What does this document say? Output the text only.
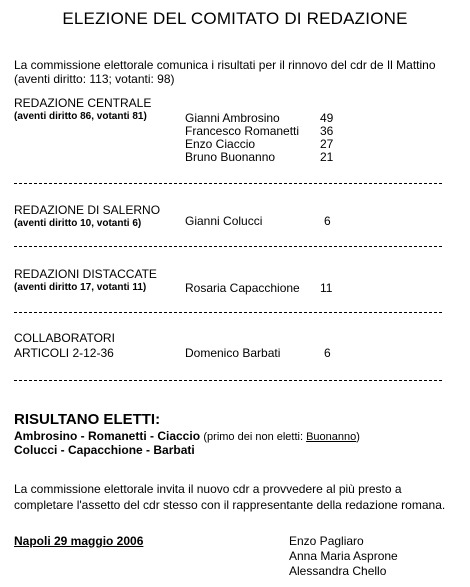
ELEZIONE DEL COMITATO DI REDAZIONE
La commissione elettorale comunica i risultati per il rinnovo del cdr de Il Mattino (aventi diritto: 113; votanti: 98)
REDAZIONE CENTRALE
(aventi diritto 86, votanti 81)	Gianni Ambrosino	49
Francesco Romanetti 36
Enzo Ciaccio	27
Bruno Buonanno	21
REDAZIONE DI SALERNO
(aventi diritto 10, votanti 6)	Gianni Colucci	6
REDAZIONI DISTACCATE
(aventi diritto 17, votanti 11)	Rosaria Capacchione 11
COLLABORATORI
ARTICOLI 2-12-36	Domenico Barbati	6
RISULTANO ELETTI:
Ambrosino - Romanetti - Ciaccio (primo dei non eletti: Buonanno)
Colucci - Capacchione - Barbati
La commissione elettorale invita il nuovo cdr a provvedere al più presto a completare l'assetto del cdr stesso con il rappresentante della redazione romana.
Napoli 29 maggio 2006	Enzo Pagliaro
Anna Maria Asprone
Alessandra Chello
